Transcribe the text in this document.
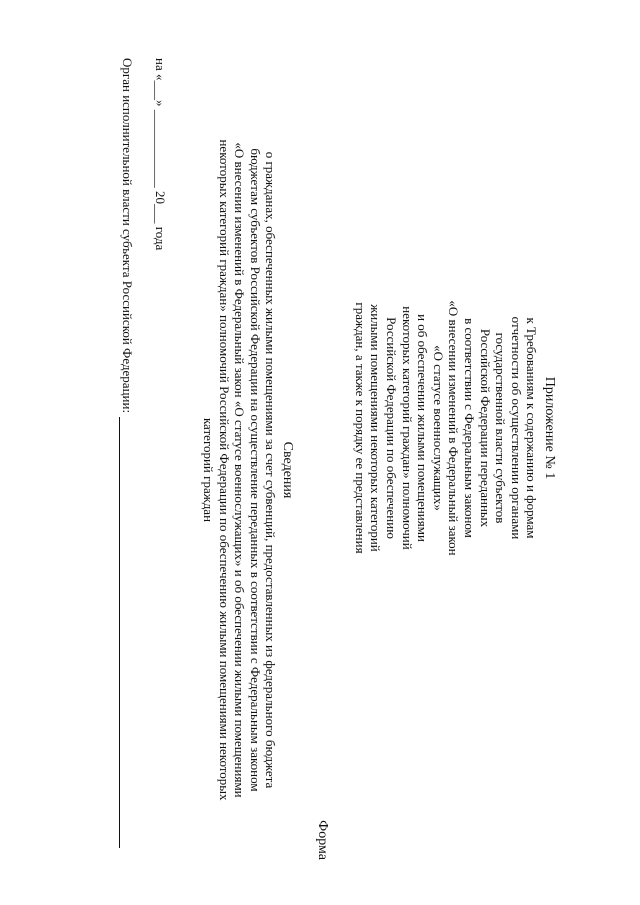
Приложение № 1
к Требованиям к содержанию и формам
отчетности об осуществлении органами
государственной власти субъектов
Российской Федерации переданных
в соответствии с Федеральным законом
«О внесении изменений в Федеральный закон
«О статусе военнослужащих»
и об обеспечении жилыми помещениями
некоторых категорий граждан» полномочий
Российской Федерации по обеспечению
жилыми помещениями некоторых категорий
граждан, а также к порядку ее представления
Форма
Сведения
о гражданах, обеспеченных жилыми помещениями за счет субвенций, предоставленных из федерального бюджета
бюджетам субъектов Российской Федерации на осуществление переданных в соответствии с Федеральным законом
«О внесении изменений в Федеральный закон «О статусе военнослужащих» и об обеспечении жилыми помещениями
некоторых категорий граждан» полномочий Российской Федерации по обеспечению жилыми помещениями некоторых
категорий граждан
на «___» ____________ 20___ года
Орган исполнительной власти субъекта Российской Федерации:
